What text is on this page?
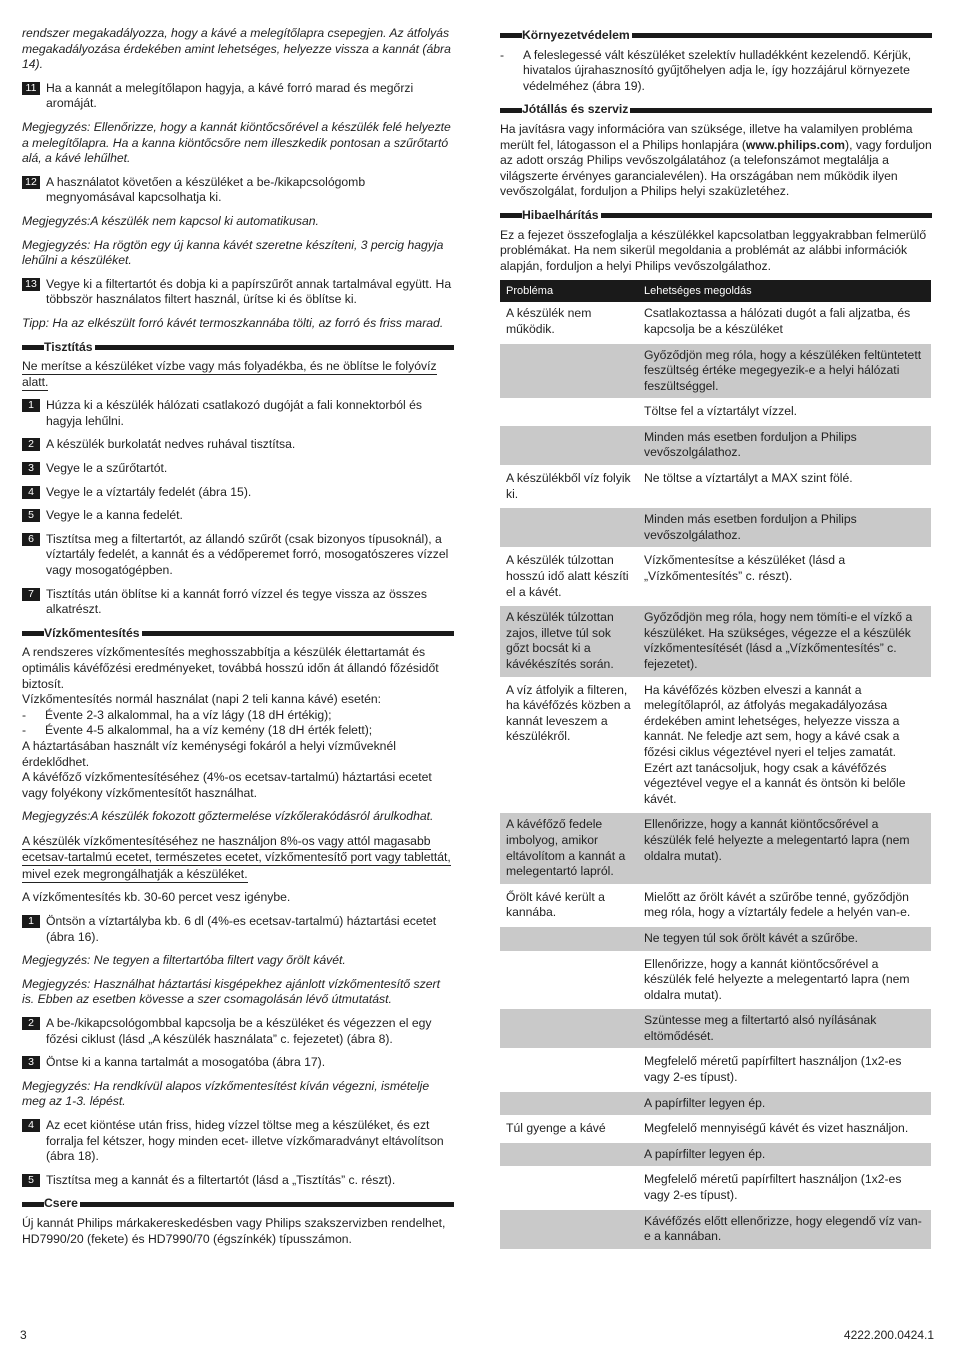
rendszer megakadályozza, hogy a kávé a melegítőlapra csepegjen. Az átfolyás megakadályozása érdekében amint lehetséges, helyezze vissza a kannát (ábra 14).

11 Ha a kannát a melegítőlapon hagyja, a kávé forró marad és megőrzi aromáját.

Megjegyzés: Ellenőrizze, hogy a kannát kiöntőcsőrével a készülék felé helyezte a melegítőlapra. Ha a kanna kiöntőcsőre nem illeszkedik pontosan a szűrőtartó alá, a kávé lehűlhet.

12 A használatot követően a készüléket a be-/kikapcsológomb megnyomásával kapcsolhatja ki.

Megjegyzés:A készülék nem kapcsol ki automatikusan.

Megjegyzés: Ha rögtön egy új kanna kávét szeretne készíteni, 3 percig hagyja lehűlni a készüléket.

13 Vegye ki a filtertartót és dobja ki a papírszűrőt annak tartalmával együtt. Ha többször használatos filtert használ, ürítse ki és öblítse ki.

Tipp: Ha az elkészült forró kávét termoszkannába tölti, az forró és friss marad.

Tisztítás

Ne merítse a készüléket vízbe vagy más folyadékba, és ne öblítse le folyóvíz alatt.

1 Húzza ki a készülék hálózati csatlakozó dugóját a fali konnektorból és hagyja lehűlni.
2 A készülék burkolatát nedves ruhával tisztítsa.
3 Vegye le a szűrőtartót.
4 Vegye le a víztartály fedelét (ábra 15).
5 Vegye le a kanna fedelét.
6 Tisztítsa meg a filtertartót, az állandó szűrőt (csak bizonyos típusoknál), a víztartály fedelét, a kannát és a védőperemet forró, mosogatószeres vízzel vagy mosogatógépben.
7 Tisztítás után öblítse ki a kannát forró vízzel és tegye vissza az összes alkatrészt.
Vízkőmentesítés
A rendszeres vízkőmentesítés meghosszabbítja a készülék élettartamát és optimális kávéfőzési eredményeket, továbbá hosszú időn át állandó főzésidőt biztosít.
Vízkőmentesítés normál használat (napi 2 teli kanna kávé) esetén:
-	Évente 2-3 alkalommal, ha a víz lágy (18 dH értékig);
-	Évente 4-5 alkalommal, ha a víz kemény (18 dH érték felett);
A háztartásában használt víz keménységi fokáról a helyi vízműveknél érdeklődhet.
A kávéfőző vízkőmentesítéséhez (4%-os ecetsav-tartalmú) háztartási ecetet vagy folyékony vízkőmentesítőt használhat.

Megjegyzés:A készülék fokozott gőztermelése vízkőlerakódásról árulkodhat.

A készülék vízkőmentesítéséhez ne használjon 8%-os vagy attól magasabb ecetsav-tartalmú ecetet, természetes ecetet, vízkőmentesítő port vagy tablettát, mivel ezek megrongálhatják a készüléket.

A vízkőmentesítés kb. 30-60 percet vesz igénybe.

1 Öntsön a víztartályba kb. 6 dl (4%-es ecetsav-tartalmú) háztartási ecetet (ábra 16).

Megjegyzés: Ne tegyen a filtertartóba filtert vagy őrölt kávét.

Megjegyzés: Használhat háztartási kisgépekhez ajánlott vízkőmentesítő szert is. Ebben az esetben kövesse a szer csomagolásán lévő útmutatást.

2 A be-/kikapcsológombbal kapcsolja be a készüléket és végezzen el egy főzési ciklust (lásd „A készülék használata” c. fejezetet) (ábra 8).
3 Öntse ki a kanna tartalmát a mosogatóba (ábra 17).

Megjegyzés: Ha rendkívül alapos vízkőmentesítést kíván végezni, ismételje meg az 1-3. lépést.

4 Az ecet kiöntése után friss, hideg vízzel töltse meg a készüléket, és ezt forralja fel kétszer, hogy minden ecet- illetve vízkőmaradványt eltávolítson (ábra 18).
5 Tisztítsa meg a kannát és a filtertartót (lásd a „Tisztítás” c. részt).
Csere

Új kannát Philips márkakereskedésben vagy Philips szakszervizben rendelhet, HD7990/20 (fekete) és HD7990/70 (égszínkék) típusszámon.

Környezetvédelem
-	A feleslegessé vált készüléket szelektív hulladékként kezelendő. Kérjük, hivatalos újrahasznosító gyűjtőhelyen adja le, így hozzájárul környezete védelméhez (ábra 19).
Jótállás és szerviz

Ha javításra vagy információra van szüksége, illetve ha valamilyen probléma merült fel, látogasson el a Philips honlapjára (www.philips.com), vagy forduljon az adott ország Philips vevőszolgálatához (a telefonszámot megtalálja a világszerte érvényes garancialevélen). Ha országában nem működik ilyen vevőszolgálat, forduljon a Philips helyi szaküzletéhez.

Hibaelhárítás

Ez a fejezet összefoglalja a készülékkel kapcsolatban leggyakrabban felmerülő problémákat. Ha nem sikerül megoldania a problémát az alábbi információk alapján, forduljon a helyi Philips vevőszolgálathoz.

Probléma	Lehetséges megoldás
A készülék nem működik.	Csatlakoztassa a hálózati dugót a fali aljzatba, és kapcsolja be a készüléket
	Győződjön meg róla, hogy a készüléken feltüntetett feszültség értéke megegyezik-e a helyi hálózati feszültséggel.
	Töltse fel a víztartályt vízzel.
	Minden más esetben forduljon a Philips vevőszolgálathoz.
A készülékből víz folyik ki.	Ne töltse a víztartályt a MAX szint fölé.
	Minden más esetben forduljon a Philips vevőszolgálathoz.
A készülék túlzottan hosszú idő alatt készíti el a kávét.	Vízkőmentesítse a készüléket (lásd a „Vízkőmentesítés” c. részt).
A készülék túlzottan zajos, illetve túl sok gőzt bocsát ki a kávékészítés során.	Győződjön meg róla, hogy nem tömíti-e el vízkő a készüléket. Ha szükséges, végezze el a készülék vízkőmentesítését (lásd a „Vízkőmentesítés” c. fejezetet).
A víz átfolyik a filteren, ha kávéfőzés közben a kannát leveszem a készülékről.	Ha kávéfőzés közben elveszi a kannát a melegítőlapról, az átfolyás megakadályozása érdekében amint lehetséges, helyezze vissza a kannát. Ne feledje azt sem, hogy a kávé csak a főzési ciklus végeztével nyeri el teljes zamatát. Ezért azt tanácsoljuk, hogy csak a kávéfőzés végeztével vegye el a kannát és öntsön ki belőle kávét.
A kávéfőző fedele imbolyog, amikor eltávolítom a kannát a melegentartó lapról.	Ellenőrizze, hogy a kannát kiöntőcsőrével a készülék felé helyezte a melegentartó lapra (nem oldalra mutat).
Őrölt kávé került a kannába.	Mielőtt az őrölt kávét a szűrőbe tenné, győződjön meg róla, hogy a víztartály fedele a helyén van-e.
	Ne tegyen túl sok őrölt kávét a szűrőbe.
	Ellenőrizze, hogy a kannát kiöntőcsőrével a készülék felé helyezte a melegentartó lapra (nem oldalra mutat).
	Szüntesse meg a filtertartó alsó nyílásának eltömődését.
	Megfelelő méretű papírfiltert használjon (1x2-es vagy 2-es típust).
	A papírfilter legyen ép.
Túl gyenge a kávé	Megfelelő mennyiségű kávét és vizet használjon.
	A papírfilter legyen ép.
	Megfelelő méretű papírfiltert használjon (1x2-es vagy 2-es típust).
	Kávéfőzés előtt ellenőrizze, hogy elegendő víz van-e a kannában.
3	4222.200.0424.1
